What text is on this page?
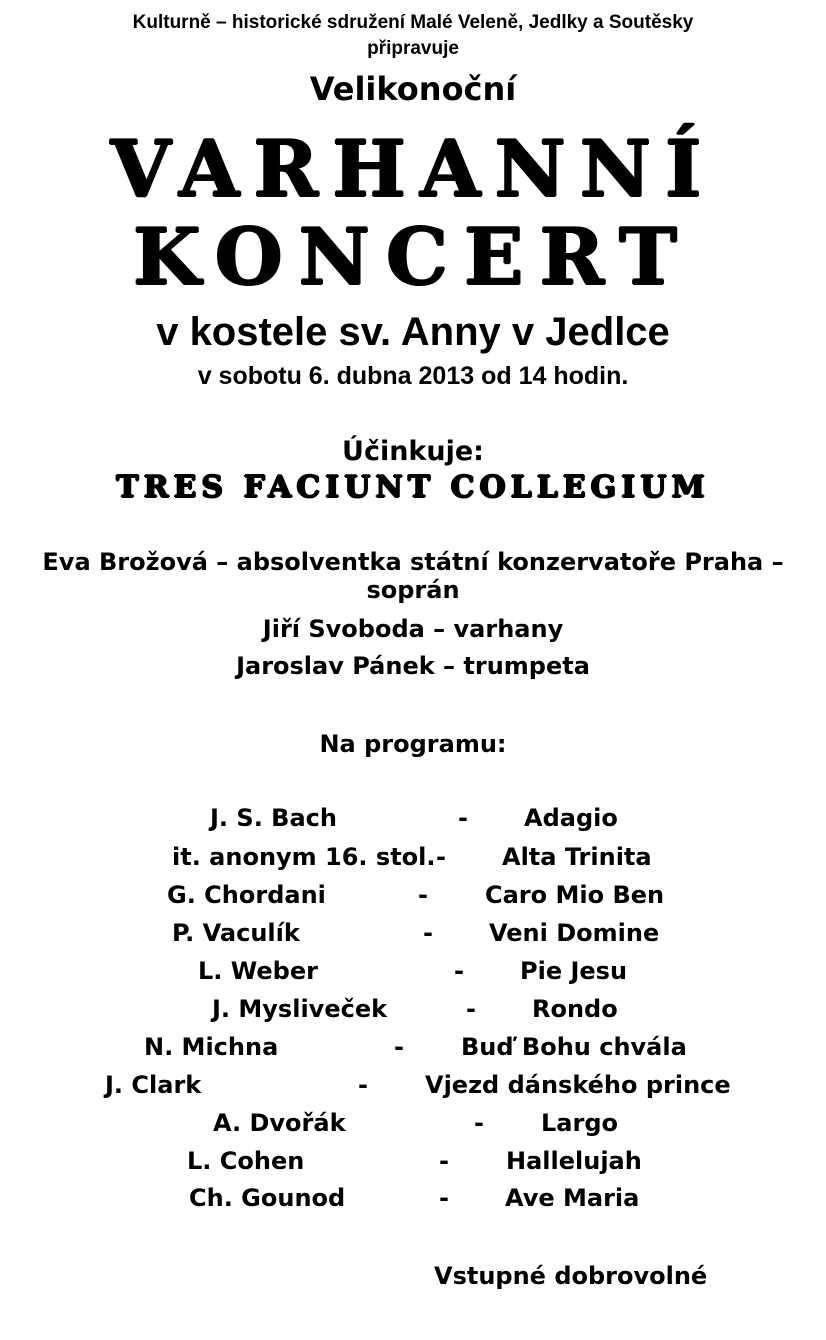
Kulturně – historické sdružení Malé Veleně, Jedlky a Soutěsky
připravuje
Velikonoční
VARHANNÍ
KONCERT
v kostele sv. Anny v Jedlce
v sobotu 6. dubna 2013 od 14 hodin.
Účinkuje:
TRES FACIUNT COLLEGIUM
Eva Brožová – absolventka státní konzervatoře Praha –
soprán
Jiří Svoboda – varhany
Jaroslav Pánek – trumpeta
Na programu:
J. S. Bach	- Adagio
it. anonym 16. stol. - Alta Trinita
G. Chordani	- Caro Mio Ben
P. Vaculík	- Veni Domine
L. Weber	- Pie Jesu
J. Mysliveček	- Rondo
N. Michna	- Buď Bohu chvála
J. Clark	- Vjezd dánského prince
A. Dvořák	- Largo
L. Cohen	- Hallelujah
Ch. Gounod	- Ave Maria
Vstupné dobrovolné
